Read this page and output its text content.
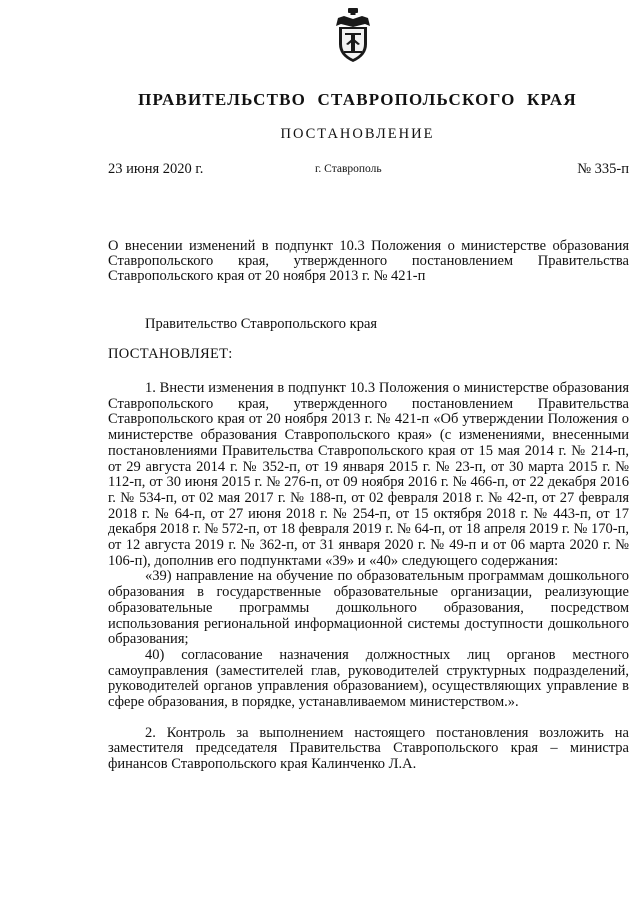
ПРАВИТЕЛЬСТВО СТАВРОПОЛЬСКОГО КРАЯ
ПОСТАНОВЛЕНИЕ
23 июня 2020 г.	г. Ставрополь	№ 335-п
О внесении изменений в подпункт 10.3 Положения о министерстве образования Ставропольского края, утвержденного постановлением Правительства Ставропольского края от 20 ноября 2013 г. № 421-п
Правительство Ставропольского края
ПОСТАНОВЛЯЕТ:

1. Внести изменения в подпункт 10.3 Положения о министерстве образования Ставропольского края, утвержденного постановлением Правительства Ставропольского края от 20 ноября 2013 г. № 421-п «Об утверждении Положения о министерстве образования Ставропольского края» (с изменениями, внесенными постановлениями Правительства Ставропольского края от 15 мая 2014 г. № 214-п, от 29 августа 2014 г. № 352-п, от 19 января 2015 г. № 23-п, от 30 марта 2015 г. № 112-п, от 30 июня 2015 г. № 276-п, от 09 ноября 2016 г. № 466-п, от 22 декабря 2016 г. № 534-п, от 02 мая 2017 г. № 188-п, от 02 февраля 2018 г. № 42-п, от 27 февраля 2018 г. № 64-п, от 27 июня 2018 г. № 254-п, от 15 октября 2018 г. № 443-п, от 17 декабря 2018 г. № 572-п, от 18 февраля 2019 г. № 64-п, от 18 апреля 2019 г. № 170-п, от 12 августа 2019 г. № 362-п, от 31 января 2020 г. № 49-п и от 06 марта 2020 г. № 106-п), дополнив его подпунктами «39» и «40» следующего содержания:

«39) направление на обучение по образовательным программам дошкольного образования в государственные образовательные организации, реализующие образовательные программы дошкольного образования, посредством использования региональной информационной системы доступности дошкольного образования;

40) согласование назначения должностных лиц органов местного самоуправления (заместителей глав, руководителей структурных подразделений, руководителей органов управления образованием), осуществляющих управление в сфере образования, в порядке, устанавливаемом министерством.».

2. Контроль за выполнением настоящего постановления возложить на заместителя председателя Правительства Ставропольского края – министра финансов Ставропольского края Калинченко Л.А.
